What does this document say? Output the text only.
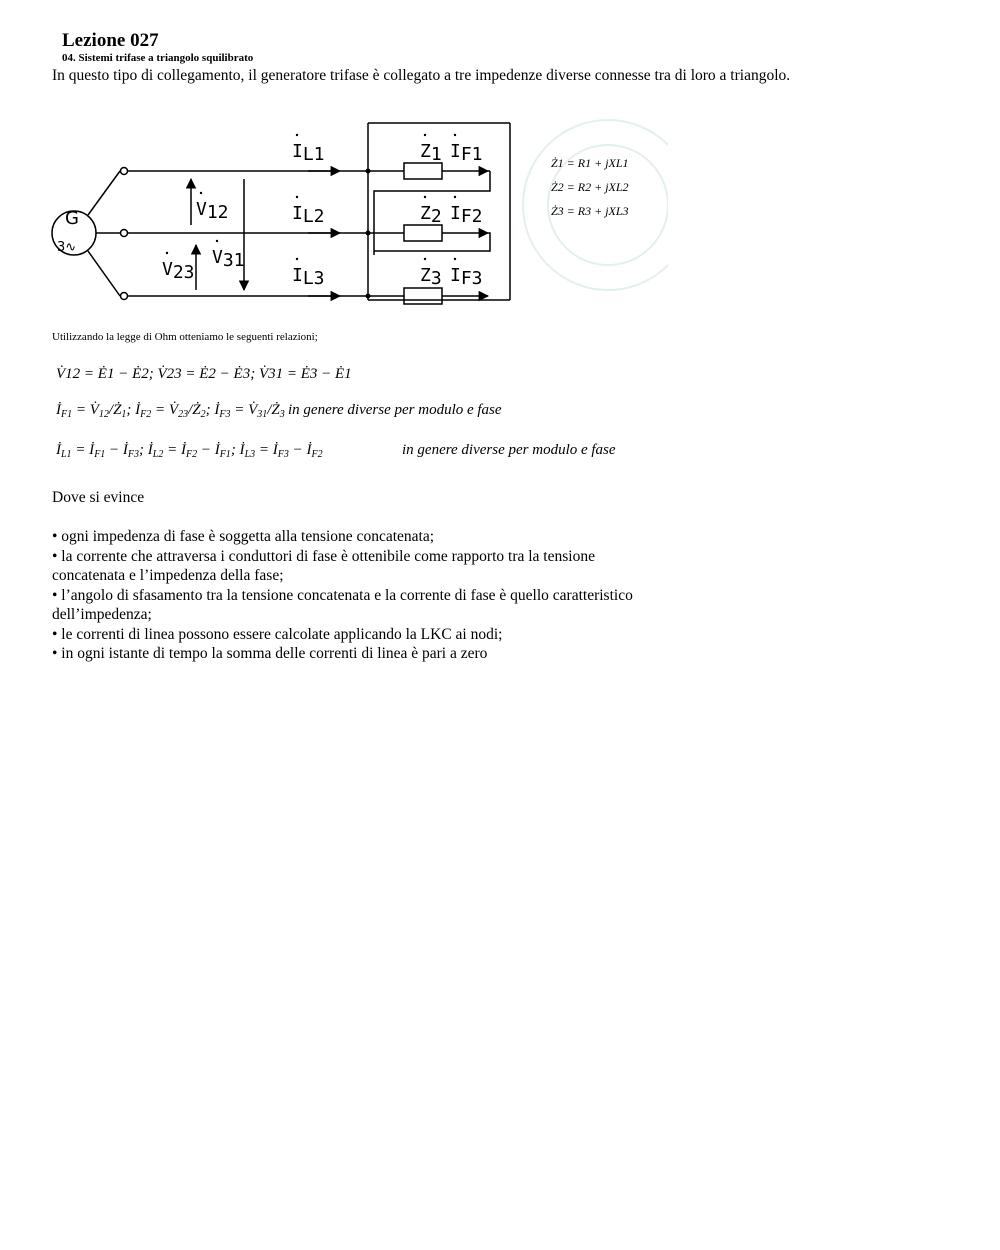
Lezione 027
04. Sistemi trifase a triangolo squilibrato
In questo tipo di collegamento, il generatore trifase è collegato a tre impedenze diverse connesse tra di loro a triangolo.
G
3∿
IL1
IL2
IL3
V12
V23
V31
Z1
Z2
Z3
IF1
IF2
IF3
Ż1 = R1 + jXL1
Ż2 = R2 + jXL2
Ż3 = R3 + jXL3
Utilizzando la legge di Ohm otteniamo le seguenti relazioni;
V̇12 = Ė1 − Ė2; V̇23 = Ė2 − Ė3; V̇31 = Ė3 − Ė1
$İ_{F1}$ = $V̇_{12}/Ż_1$; $İ_{F2}$ = $V̇_{23}/Ż_2$; $İ_{F3}$ = $V̇_{31}/Ż_3$ in genere diverse per modulo e fase
$İ_{L1}$ = $İ_{F1}$ − $İ_{F3}$; $İ_{L2}$ = $İ_{F2}$ − $İ_{F1}$; $İ_{L3}$ = $İ_{F3}$ − $İ_{F2}$	in genere diverse per modulo e fase
Dove si evince
• ogni impedenza di fase è soggetta alla tensione concatenata;
• la corrente che attraversa i conduttori di fase è ottenibile come rapporto tra la tensione
concatenata e l’impedenza della fase;
• l’angolo di sfasamento tra la tensione concatenata e la corrente di fase è quello caratteristico
dell’impedenza;
• le correnti di linea possono essere calcolate applicando la LKC ai nodi;
• in ogni istante di tempo la somma delle correnti di linea è pari a zero
